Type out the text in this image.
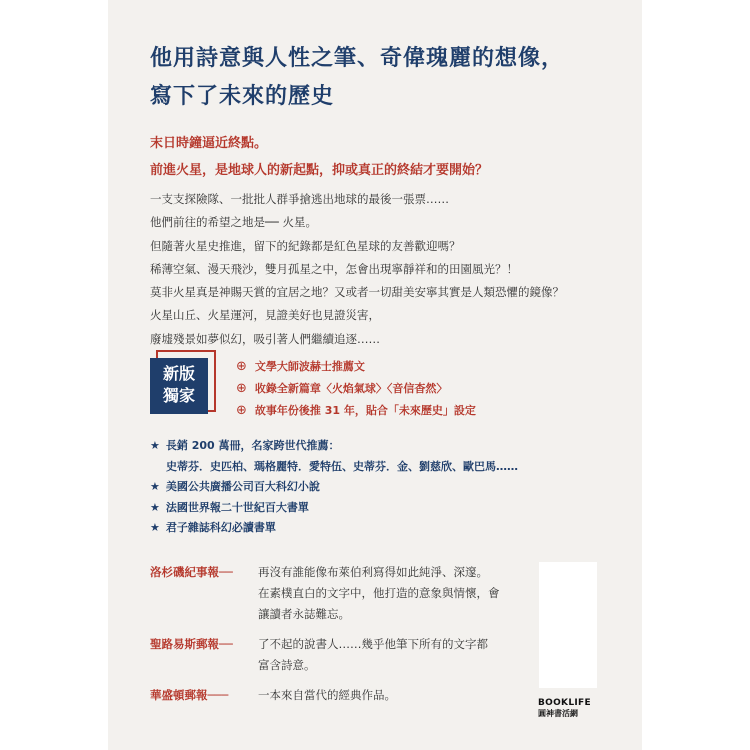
他用詩意與人性之筆、奇偉瑰麗的想像，
寫下了未來的歷史
末日時鐘逼近終點。
前進火星，是地球人的新起點，抑或真正的終結才要開始？
一支支探險隊、一批批人群爭搶逃出地球的最後一張票……
他們前往的希望之地是── 火星。
但隨著火星史推進，留下的紀錄都是紅色星球的友善歡迎嗎？
稀薄空氣、漫天飛沙，雙月孤星之中，怎會出現寧靜祥和的田園風光？！
莫非火星真是神賜天賞的宜居之地？又或者一切甜美安寧其實是人類恐懼的鏡像？
火星山丘、火星運河，見證美好也見證災害，
廢墟殘景如夢似幻，吸引著人們繼續追逐……
新版
獨家
⊕ 文學大師波赫士推薦文
⊕ 收錄全新篇章〈火焰氣球〉〈音信杳然〉
⊕ 故事年份後推 31 年，貼合「未來歷史」設定
★ 長銷 200 萬冊，名家跨世代推薦：
史蒂芬．史匹柏、瑪格麗特．愛特伍、史蒂芬．金、劉慈欣、歐巴馬……
★ 美國公共廣播公司百大科幻小說
★ 法國世界報二十世紀百大書單
★ 君子雜誌科幻必讀書單
洛杉磯紀事報──	再沒有誰能像布萊伯利寫得如此純淨、深邃。
在素樸直白的文字中，他打造的意象與情懷，會
讓讀者永誌難忘。
聖路易斯郵報──	了不起的說書人……幾乎他筆下所有的文字都
富含詩意。
華盛頓郵報───	一本來自當代的經典作品。
BOOKLIFE
圓神書活網
